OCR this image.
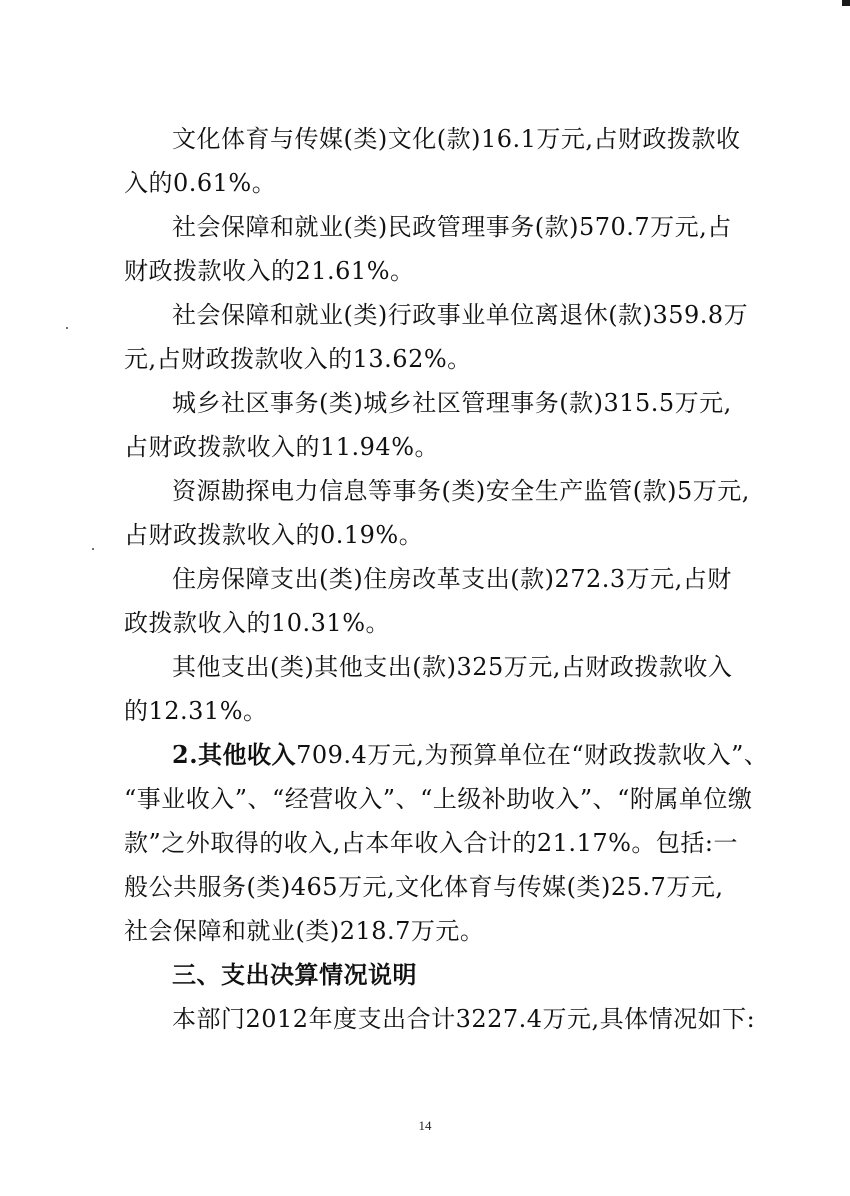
文化体育与传媒(类)文化(款)16.1万元,占财政拨款收
入的0.61%。
社会保障和就业(类)民政管理事务(款)570.7万元,占
财政拨款收入的21.61%。
社会保障和就业(类)行政事业单位离退休(款)359.8万
元,占财政拨款收入的13.62%。
城乡社区事务(类)城乡社区管理事务(款)315.5万元,
占财政拨款收入的11.94%。
资源勘探电力信息等事务(类)安全生产监管(款)5万元,
占财政拨款收入的0.19%。
住房保障支出(类)住房改革支出(款)272.3万元,占财
政拨款收入的10.31%。
其他支出(类)其他支出(款)325万元,占财政拨款收入
的12.31%。
2.其他收入709.4万元,为预算单位在“财政拨款收入”、
“事业收入”、“经营收入”、“上级补助收入”、“附属单位缴
款”之外取得的收入,占本年收入合计的21.17%。包括:一
般公共服务(类)465万元,文化体育与传媒(类)25.7万元,
社会保障和就业(类)218.7万元。
三、支出决算情况说明
本部门2012年度支出合计3227.4万元,具体情况如下:
14
